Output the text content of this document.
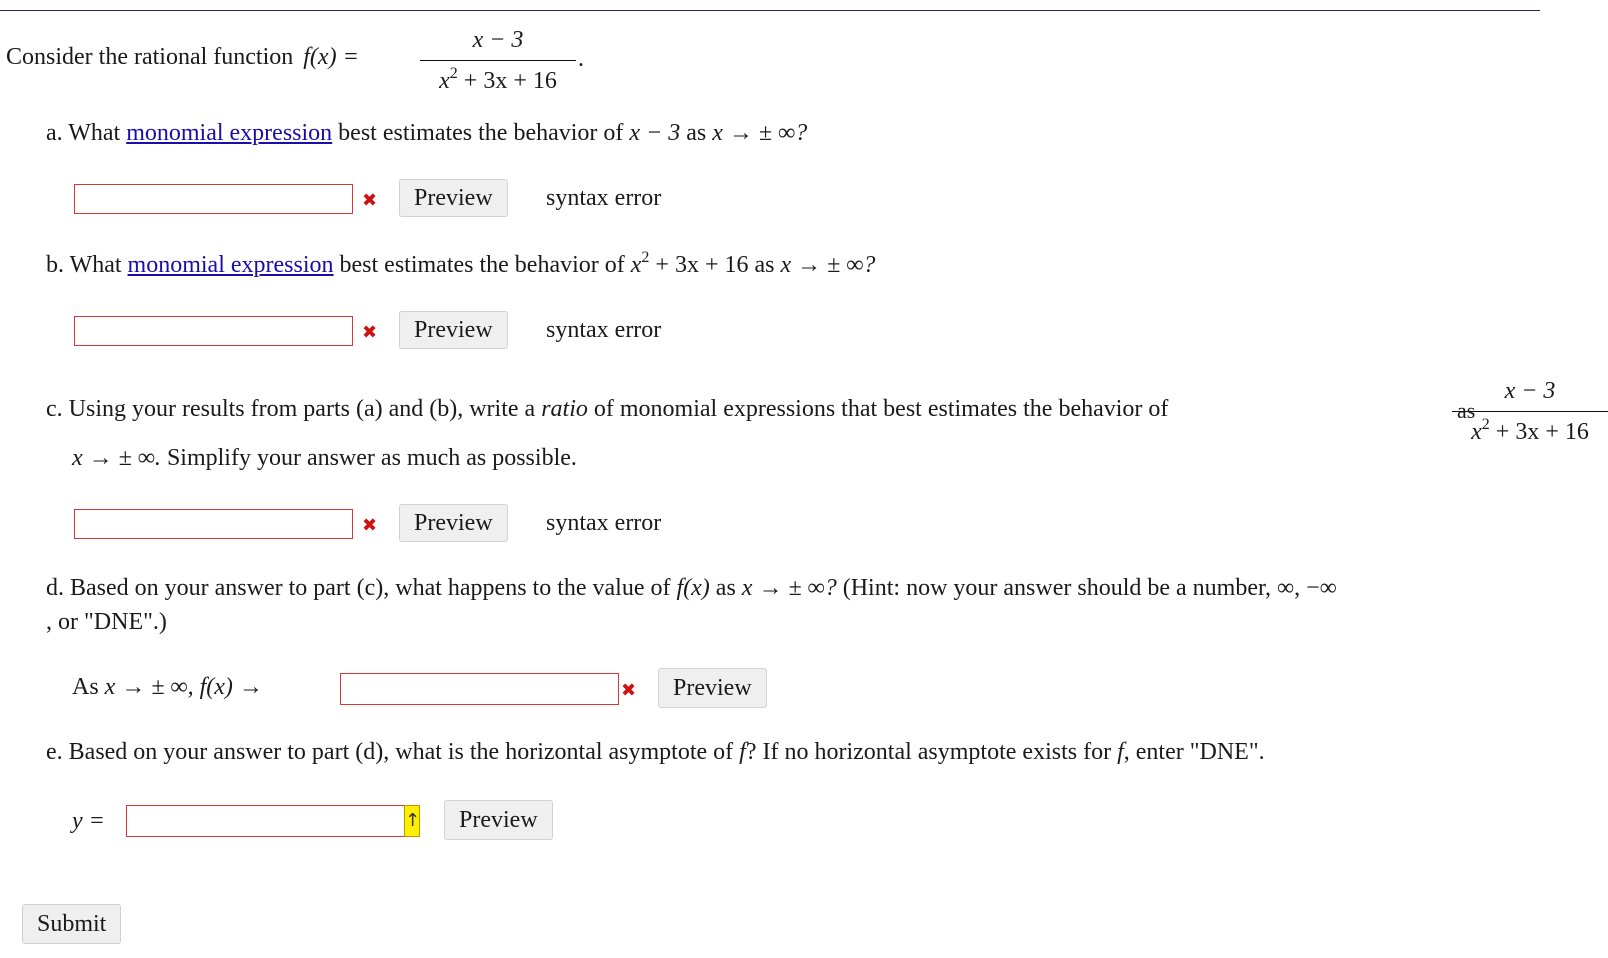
Consider the rational function f(x) =	$\frac{x - 3}{x^2 + 3x + 16}$
.
a. What monomial expression best estimates the behavior of x − 3 as x → ± ∞?
✖	Preview	syntax error
b. What monomial expression best estimates the behavior of $x^2 + 3x + 16$ as x → ± ∞?
✖	Preview	syntax error
c. Using your results from parts (a) and (b), write a ratio of monomial expressions that best estimates the behavior of	$\frac{x - 3}{x^2 + 3x + 16}$
as
x → ± ∞. Simplify your answer as much as possible.
✖	Preview	syntax error
d. Based on your answer to part (c), what happens to the value of f(x) as x → ± ∞? (Hint: now your answer should be a number, ∞, −∞
, or "DNE".)
As x → ± ∞, f(x) →	✖	Preview
e. Based on your answer to part (d), what is the horizontal asymptote of f? If no horizontal asymptote exists for f, enter "DNE".
y =	↑	Preview
Submit
